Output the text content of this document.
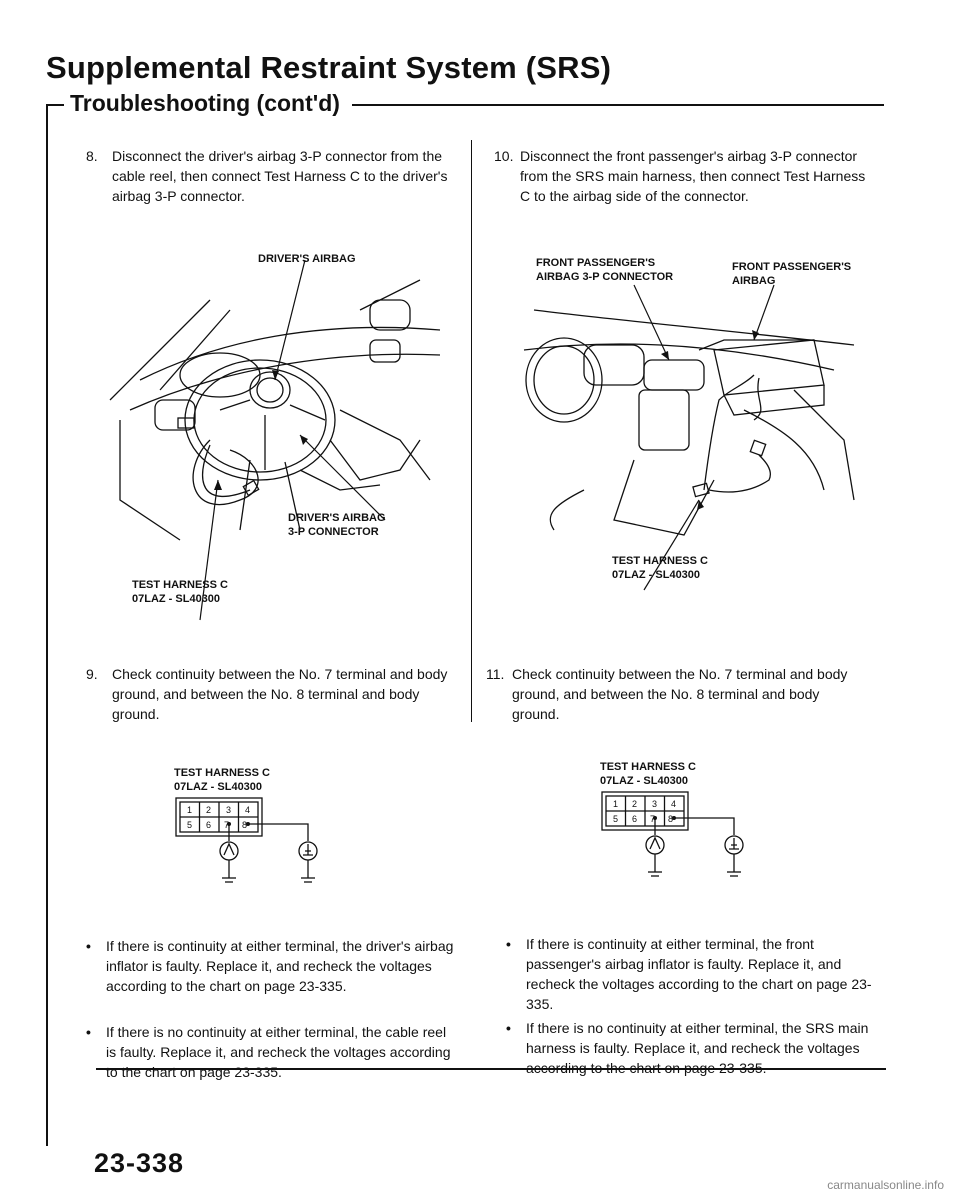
Supplemental Restraint System (SRS)
Troubleshooting (cont'd)
8. Disconnect the driver's airbag 3-P connector from the cable reel, then connect Test Harness C to the driver's airbag 3-P connector.
DRIVER'S AIRBAG
DRIVER'S AIRBAG
3-P CONNECTOR
TEST HARNESS C
07LAZ - SL40300
9. Check continuity between the No. 7 terminal and body ground, and between the No. 8 terminal and body ground.
TEST HARNESS C
07LAZ - SL40300
1 2 3 4
5 6 7 8
• If there is continuity at either terminal, the driver's airbag inflator is faulty. Replace it, and recheck the voltages according to the chart on page 23-335.
• If there is no continuity at either terminal, the cable reel is faulty. Replace it, and recheck the voltages according to the chart on page 23-335.
10. Disconnect the front passenger's airbag 3-P connector from the SRS main harness, then connect Test Harness C to the airbag side of the connector.
FRONT PASSENGER'S
AIRBAG 3-P CONNECTOR
FRONT PASSENGER'S
AIRBAG
TEST HARNESS C
07LAZ - SL40300
11. Check continuity between the No. 7 terminal and body ground, and between the No. 8 terminal and body ground.
TEST HARNESS C
07LAZ - SL40300
1 2 3 4
5 6 7 8
• If there is continuity at either terminal, the front passenger's airbag inflator is faulty. Replace it, and recheck the voltages according to the chart on page 23-335.
• If there is no continuity at either terminal, the SRS main harness is faulty. Replace it, and recheck the voltages according to the chart on page 23-335.
23-338
carmanualsonline.info
